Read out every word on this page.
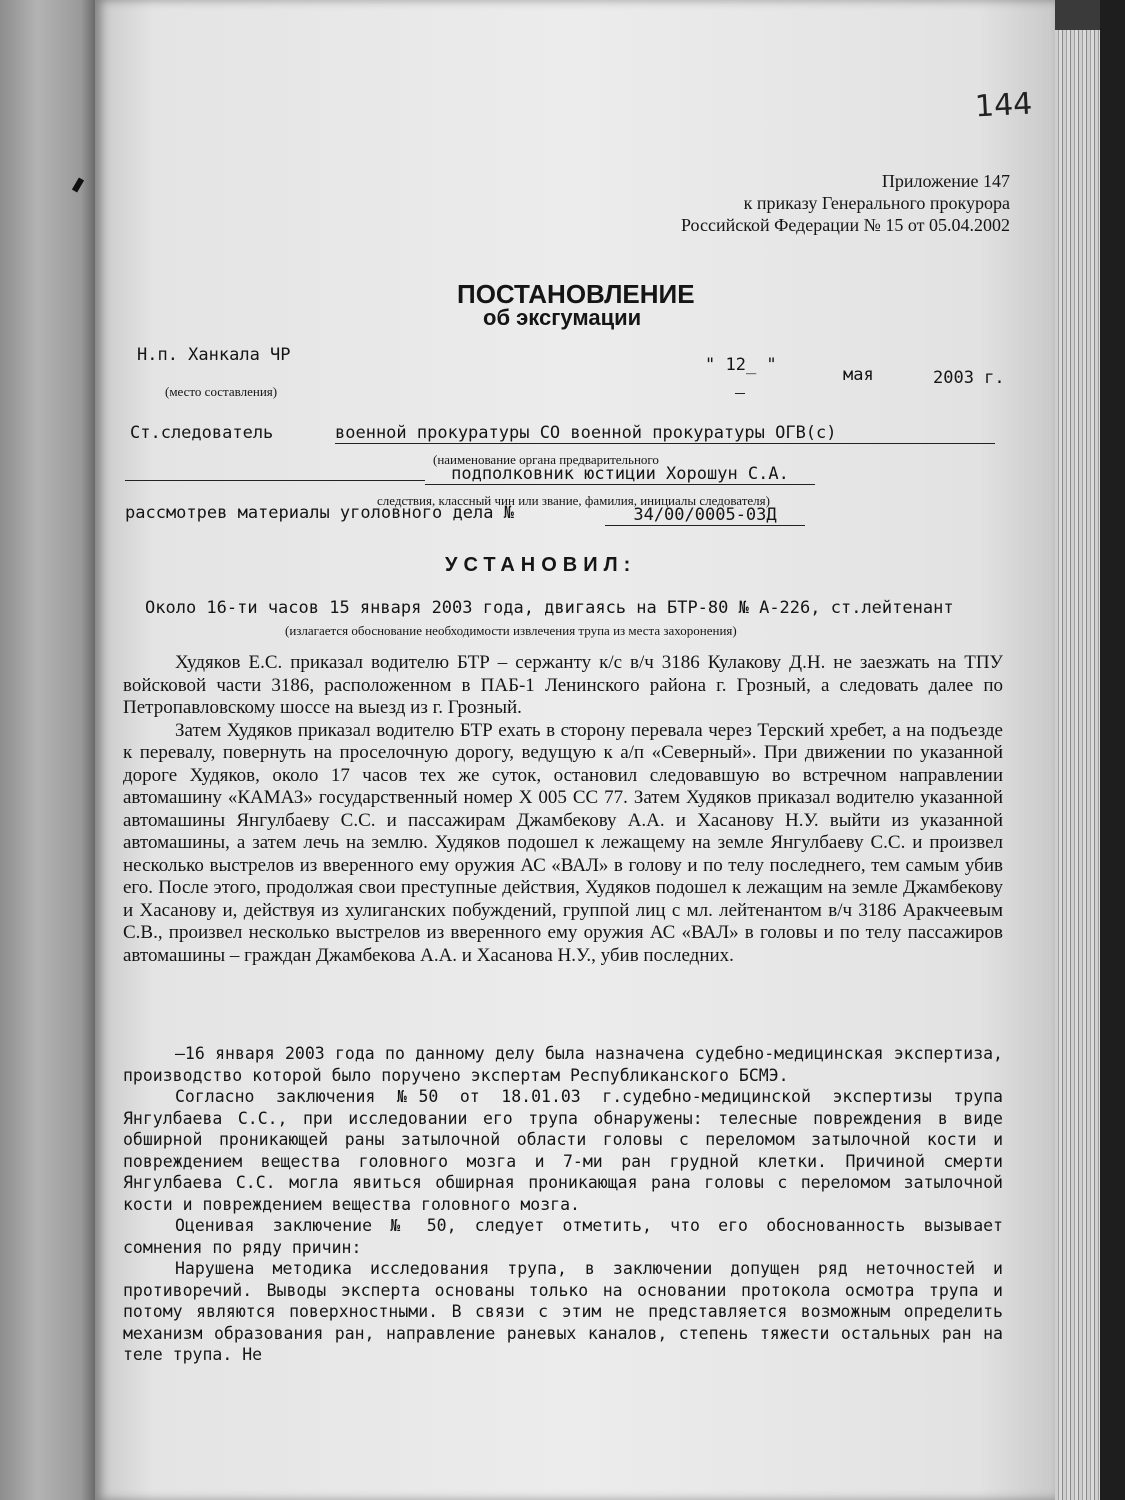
144
Приложение 147
к приказу Генерального прокурора
Российской Федерации № 15 от 05.04.2002
ПОСТАНОВЛЕНИЕ
об эксгумации
Н.п. Ханкала ЧР
(место составления)
" 12_ "	мая	2003 г.
Ст.следователь	военной прокуратуры СО военной прокуратуры ОГВ(с)
(наименование органа предварительного
подполковник юстиции Хорошун С.А.
следствия, классный чин или звание, фамилия, инициалы следователя)
рассмотрев материалы уголовного дела №	34/00/0005-03Д
УСТАНОВИЛ:
Около 16-ти часов 15 января 2003 года, двигаясь на БТР-80 № А-226, ст.лейтенант
(излагается обоснование необходимости извлечения трупа из места захоронения)

Худяков Е.С. приказал водителю БТР – сержанту к/с в/ч 3186 Кулакову Д.Н. не заезжать на ТПУ войсковой части 3186, расположенном в ПАБ-1 Ленинского района г. Грозный, а следовать далее по Петропавловскому шоссе на выезд из г. Грозный.

Затем Худяков приказал водителю БТР ехать в сторону перевала через Терский хребет, а на подъезде к перевалу, повернуть на проселочную дорогу, ведущую к а/п «Северный». При движении по указанной дороге Худяков, около 17 часов тех же суток, остановил следовавшую во встречном направлении автомашину «КАМАЗ» государственный номер Х 005 СС 77. Затем Худяков приказал водителю указанной автомашины Янгулбаеву С.С. и пассажирам Джамбекову А.А. и Хасанову Н.У. выйти из указанной автомашины, а затем лечь на землю. Худяков подошел к лежащему на земле Янгулбаеву С.С. и произвел несколько выстрелов из вверенного ему оружия АС «ВАЛ» в голову и по телу последнего, тем самым убив его. После этого, продолжая свои преступные действия, Худяков подошел к лежащим на земле Джамбекову и Хасанову и, действуя из хулиганских побуждений, группой лиц с мл. лейтенантом в/ч 3186 Аракчеевым С.В., произвел несколько выстрелов из вверенного ему оружия АС «ВАЛ» в головы и по телу пассажиров автомашины – граждан Джамбекова А.А. и Хасанова Н.У., убив последних.

—16 января 2003 года по данному делу была назначена судебно-медицинская экспертиза, производство которой было поручено экспертам Республиканского БСМЭ.

Согласно заключения №50 от 18.01.03 г.судебно-медицинской экспертизы трупа Янгулбаева С.С., при исследовании его трупа обнаружены: телесные повреждения в виде обширной проникающей раны затылочной области головы с переломом затылочной кости и повреждением вещества головного мозга и 7-ми ран грудной клетки. Причиной смерти Янгулбаева С.С. могла явиться обширная проникающая рана головы с переломом затылочной кости и повреждением вещества головного мозга.

Оценивая заключение № 50, следует отметить, что его обоснованность вызывает сомнения по ряду причин:

Нарушена методика исследования трупа, в заключении допущен ряд неточностей и противоречий. Выводы эксперта основаны только на основании протокола осмотра трупа и потому являются поверхностными. В связи с этим не представляется возможным определить механизм образования ран, направление раневых каналов, степень тяжести остальных ран на теле трупа. Не
